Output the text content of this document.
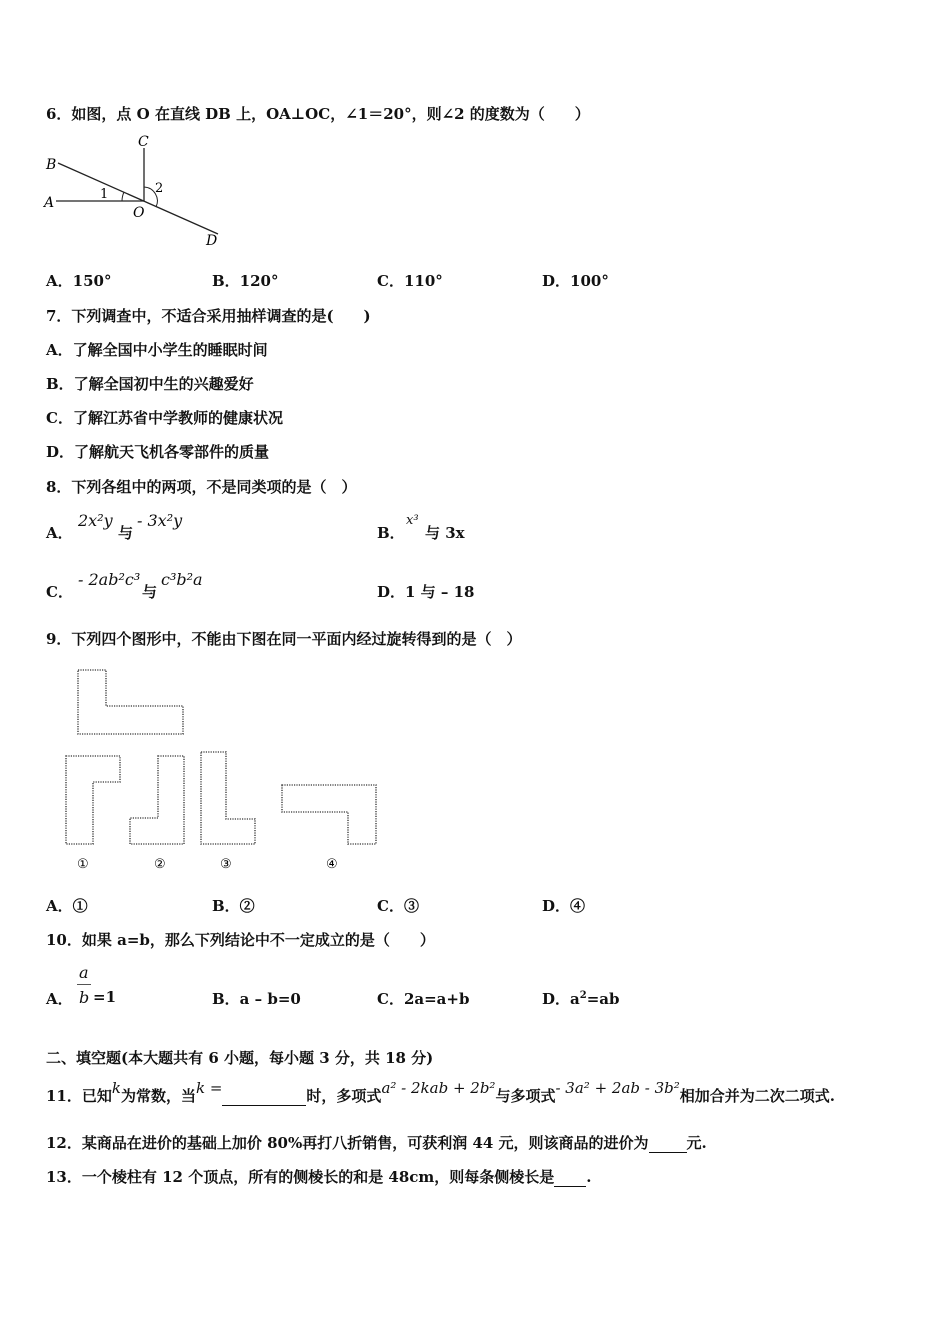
6．如图，点 O 在直线 DB 上，OA⊥OC，∠1＝20°，则∠2 的度数为（　　）
B
A
C
O
D
1	2
A．150°	B．120°	C．110°	D．100°
7．下列调查中，不适合采用抽样调查的是(　　)
A．了解全国中小学生的睡眠时间
B．了解全国初中生的兴趣爱好
C．了解江苏省中学教师的健康状况
D．了解航天飞机各零部件的质量
8．下列各组中的两项，不是同类项的是（　）
A．
2x²y
与
- 3x²y
B．
x³
与 3x
C．
- 2ab²c³
与
c³b²a
D．1 与 – 18
9．下列四个图形中，不能由下图在同一平面内经过旋转得到的是（　）
①	②	③	④
A．①	B．②	C．③	D．④
10．如果 a=b，那么下列结论中不一定成立的是（　　）
A．
a
b =1	B．a – b=0	C．2a=a+b	D．$a^2=ab$
二、填空题(本大题共有 6 小题，每小题 3 分，共 18 分)
11．已知k为常数，当k =	时，多项式a² - 2kab + 2b²与多项式- 3a² + 2ab - 3b²相加合并为二次二项式.
12．某商品在进价的基础上加价 80%再打八折销售，可获利润 44 元，则该商品的进价为	元.
13．一个棱柱有 12 个顶点，所有的侧棱长的和是 48cm，则每条侧棱长是 .
